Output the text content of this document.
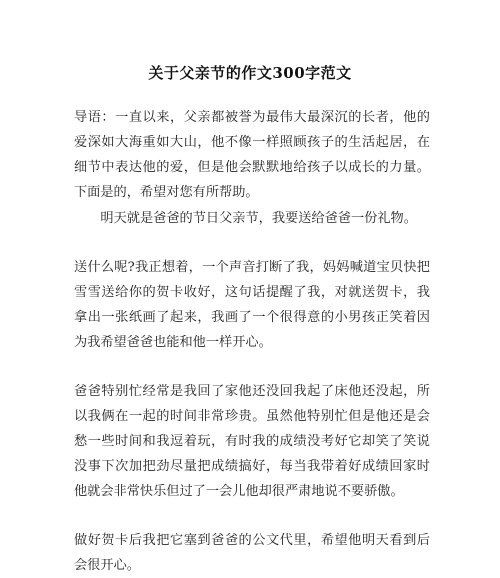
关于父亲节的作文300字范文

导语：一直以来，父亲都被誉为最伟大最深沉的长者，他的爱深如大海重如大山，他不像一样照顾孩子的生活起居，在细节中表达他的爱，但是他会默默地给孩子以成长的力量。下面是的，希望对您有所帮助。

明天就是爸爸的节日父亲节，我要送给爸爸一份礼物。

送什么呢?我正想着，一个声音打断了我，妈妈喊道宝贝快把雪雪送给你的贺卡收好，这句话提醒了我，对就送贺卡，我拿出一张纸画了起来，我画了一个很得意的小男孩正笑着因为我希望爸爸也能和他一样开心。

爸爸特别忙经常是我回了家他还没回我起了床他还没起，所以我俩在一起的时间非常珍贵。虽然他特别忙但是他还是会愁一些时间和我逗着玩，有时我的成绩没考好它却笑了笑说没事下次加把劲尽量把成绩搞好，每当我带着好成绩回家时他就会非常快乐但过了一会儿他却很严肃地说不要骄傲。

做好贺卡后我把它塞到爸爸的公文代里，希望他明天看到后会很开心。
